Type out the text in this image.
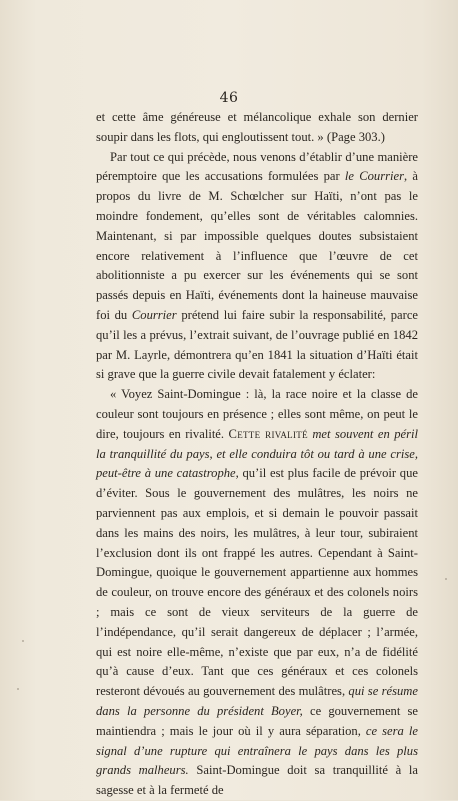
46

et cette âme généreuse et mélancolique exhale son dernier soupir dans les flots, qui engloutissent tout. » (Page 303.)

Par tout ce qui précède, nous venons d’établir d’une manière péremptoire que les accusations formulées par le Courrier, à propos du livre de M. Schœlcher sur Haïti, n’ont pas le moindre fondement, qu’elles sont de véritables calomnies. Maintenant, si par impossible quelques doutes subsistaient encore relativement à l’influence que l’œuvre de cet abolitionniste a pu exercer sur les événements qui se sont passés depuis en Haïti, événements dont la haineuse mauvaise foi du Courrier prétend lui faire subir la responsabilité, parce qu’il les a prévus, l’extrait suivant, de l’ouvrage publié en 1842 par M. Layrle, démontrera qu’en 1841 la situation d’Haïti était si grave que la guerre civile devait fatalement y éclater:

« Voyez Saint-Domingue : là, la race noire et la classe de couleur sont toujours en présence ; elles sont même, on peut le dire, toujours en rivalité. Cette rivalité met souvent en péril la tranquillité du pays, et elle conduira tôt ou tard à une crise, peut-être à une catastrophe, qu’il est plus facile de prévoir que d’éviter. Sous le gouvernement des mulâtres, les noirs ne parviennent pas aux emplois, et si demain le pouvoir passait dans les mains des noirs, les mulâtres, à leur tour, subiraient l’exclusion dont ils ont frappé les autres. Cependant à Saint-Domingue, quoique le gouvernement appartienne aux hommes de couleur, on trouve encore des généraux et des colonels noirs ; mais ce sont de vieux serviteurs de la guerre de l’indépendance, qu’il serait dangereux de déplacer ; l’armée, qui est noire elle-même, n’existe que par eux, n’a de fidélité qu’à cause d’eux. Tant que ces généraux et ces colonels resteront dévoués au gouvernement des mulâtres, qui se résume dans la personne du président Boyer, ce gouvernement se maintiendra ; mais le jour où il y aura séparation, ce sera le signal d’une rupture qui entraînera le pays dans les plus grands malheurs. Saint-Domingue doit sa tranquillité à la sagesse et à la fermeté de
